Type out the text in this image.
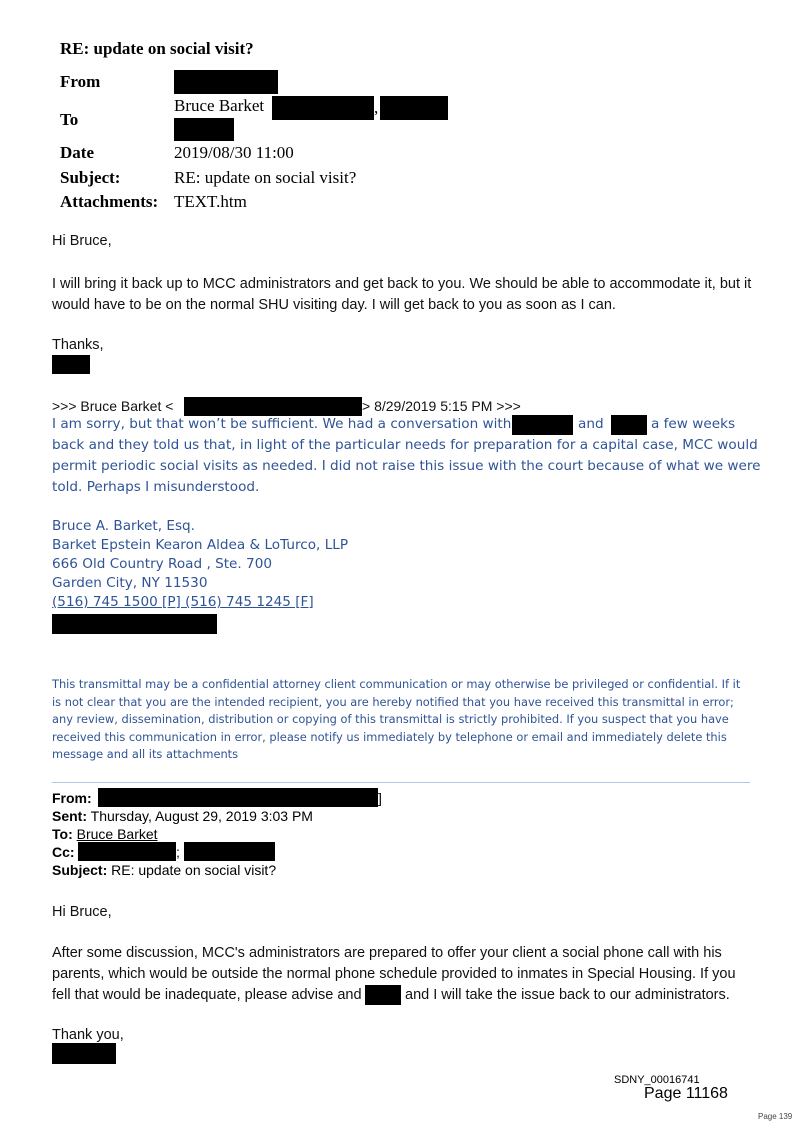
RE: update on social visit?
From
To
Bruce Barket	,
Date	2019/08/30 11:00
Subject:	RE: update on social visit?
Attachments: TEXT.htm

Hi Bruce,

I will bring it back up to MCC administrators and get back to you. We should be able to accommodate it, but it would have to be on the normal SHU visiting day. I will get back to you as soon as I can.

Thanks,

>>> Bruce Barket <	> 8/29/2019 5:15 PM >>>
I am sorry, but that won’t be sufficient. We had a conversation with	and	a few weeks
back and they told us that, in light of the particular needs for preparation for a capital case, MCC would
permit periodic social visits as needed. I did not raise this issue with the court because of what we were
told. Perhaps I misunderstood.
Bruce A. Barket, Esq.
Barket Epstein Kearon Aldea & LoTurco, LLP
666 Old Country Road , Ste. 700
Garden City, NY 11530
(516) 745 1500 [P] (516) 745 1245 [F]

This transmittal may be a confidential attorney client communication or may otherwise be privileged or confidential. If it is not clear that you are the intended recipient, you are hereby notified that you have received this transmittal in error; any review, dissemination, distribution or copying of this transmittal is strictly prohibited. If you suspect that you have received this communication in error, please notify us immediately by telephone or email and immediately delete this message and all its attachments

From:	]
Sent: Thursday, August 29, 2019 3:03 PM
To: Bruce Barket
Cc:	;
Subject: RE: update on social visit?

Hi Bruce,

After some discussion, MCC's administrators are prepared to offer your client a social phone call with his
parents, which would be outside the normal phone schedule provided to inmates in Special Housing. If you
fell that would be inadequate, please advise and	and I will take the issue back to our administrators.
Thank you,
SDNY_00016741
Page 11168
Page 139
